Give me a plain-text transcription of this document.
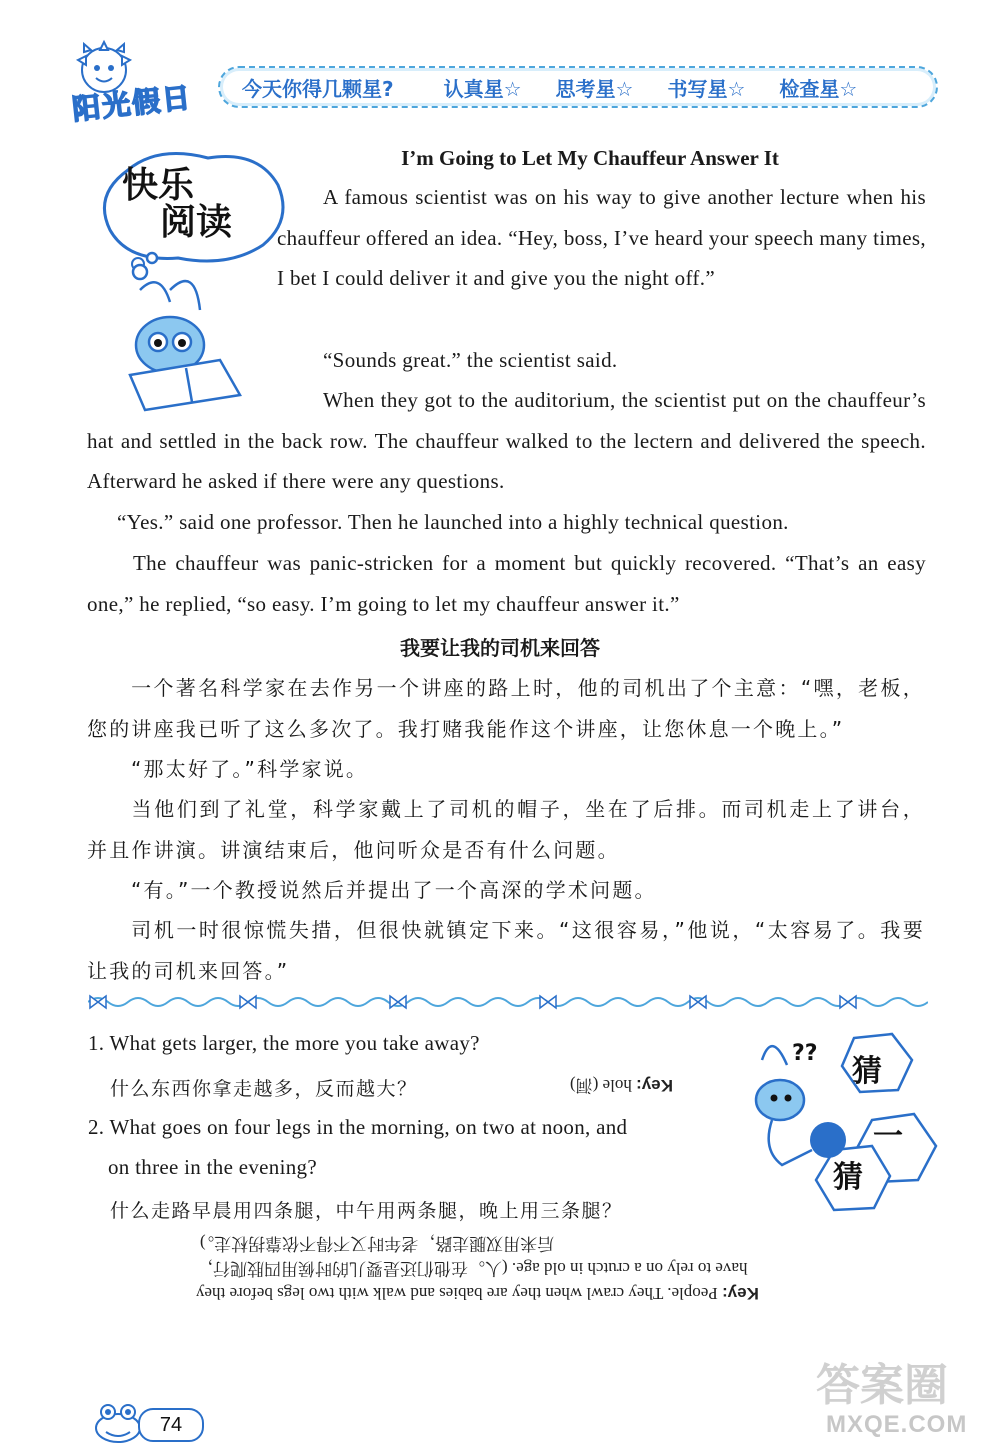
阳光假日 今天你得几颗星?	认真星☆ 思考星☆ 书写星☆ 检查星☆
快乐
阅读
I’m Going to Let My Chauffeur Answer It

A famous scientist was on his way to give another lecture when his chauffeur offered an idea. “Hey, boss, I’ve heard your speech many times, I bet I could deliver it and give you the night off.”

“Sounds great.” the scientist said.

When they got to the auditorium, the scientist put on the chauffeur’s hat and settled in the back row. The chauffeur walked to the lectern and delivered the speech. Afterward he asked if there were any questions.

“Yes.” said one professor. Then he launched into a highly technical question.

The chauffeur was panic-stricken for a moment but quickly recovered. “That’s an easy one,” he replied, “so easy. I’m going to let my chauffeur answer it.”

我要让我的司机来回答

一个著名科学家在去作另一个讲座的路上时，他的司机出了个主意：“嘿，老板，您的讲座我已听了这么多次了。我打赌我能作这个讲座，让您休息一个晚上。”

“那太好了。”科学家说。

当他们到了礼堂，科学家戴上了司机的帽子，坐在了后排。而司机走上了讲台，并且作讲演。讲演结束后，他问听众是否有什么问题。

“有。”一个教授说然后并提出了一个高深的学术问题。

司机一时很惊慌失措，但很快就镇定下来。“这很容易，”他说，“太容易了。我要让我的司机来回答。”

1. What gets larger, the more you take away?
什么东西你拿走越多，反而越大？	Key: hole (洞)
2. What goes on four legs in the morning, on two at noon, and
on three in the evening?
什么走路早晨用四条腿，中午用两条腿，晚上用三条腿？
后来用双腿走路，老年时又不得不依靠拐杖走。)
have to rely on a crutch in old age. (人。在他们还是婴儿的时候用四肢爬行，
Key: People. They crawl when they are babies and walk with two legs before they
??
猜
一
猜
74
答案圈
MXQE.COM
